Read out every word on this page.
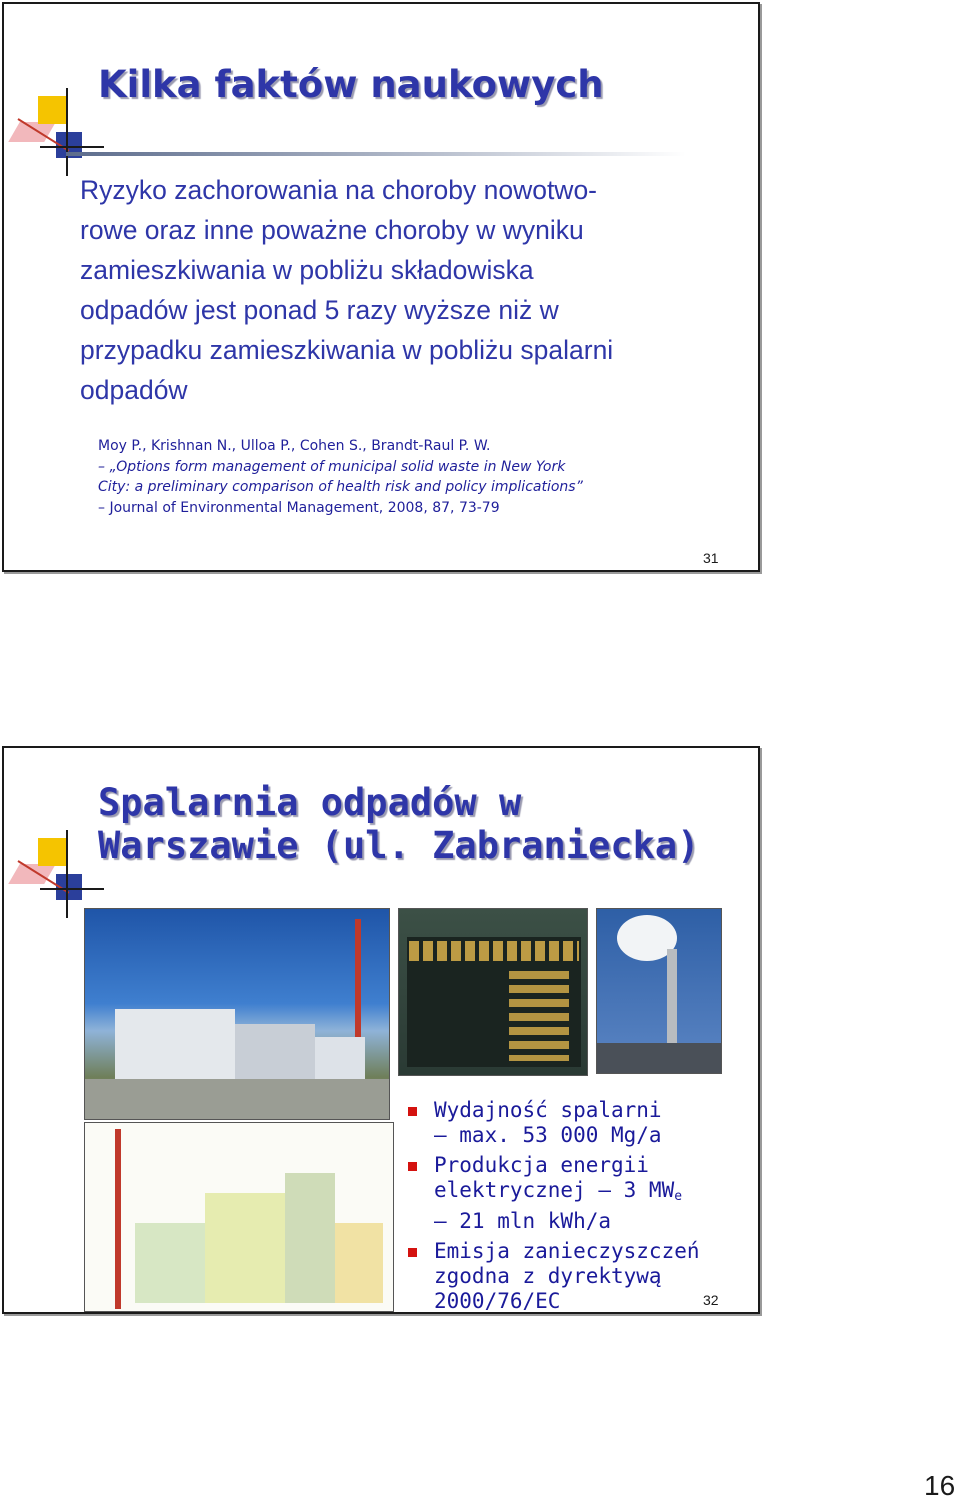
Kilka faktów naukowych

Ryzyko zachorowania na choroby nowotwo-
rowe oraz inne poważne choroby w wyniku
zamieszkiwania w pobliżu składowiska
odpadów jest ponad 5 razy wyższe niż w
przypadku zamieszkiwania w pobliżu spalarni
odpadów

Moy P., Krishnan N., Ulloa P., Cohen S., Brandt-Raul P. W.
– „Options form management of municipal solid waste in New York
City: a preliminary comparison of health risk and policy implications”
– Journal of Environmental Management, 2008, 87, 73-79

31
Spalarnia odpadów w
Warszawie (ul. Zabraniecka)
Wydajność spalarni
– max. 53 000 Mg/a
Produkcja energii
elektrycznej – 3 $MW_e$
– 21 mln kWh/a
Emisja zanieczyszczeń
zgodna z dyrektywą
2000/76/EC	32
16
